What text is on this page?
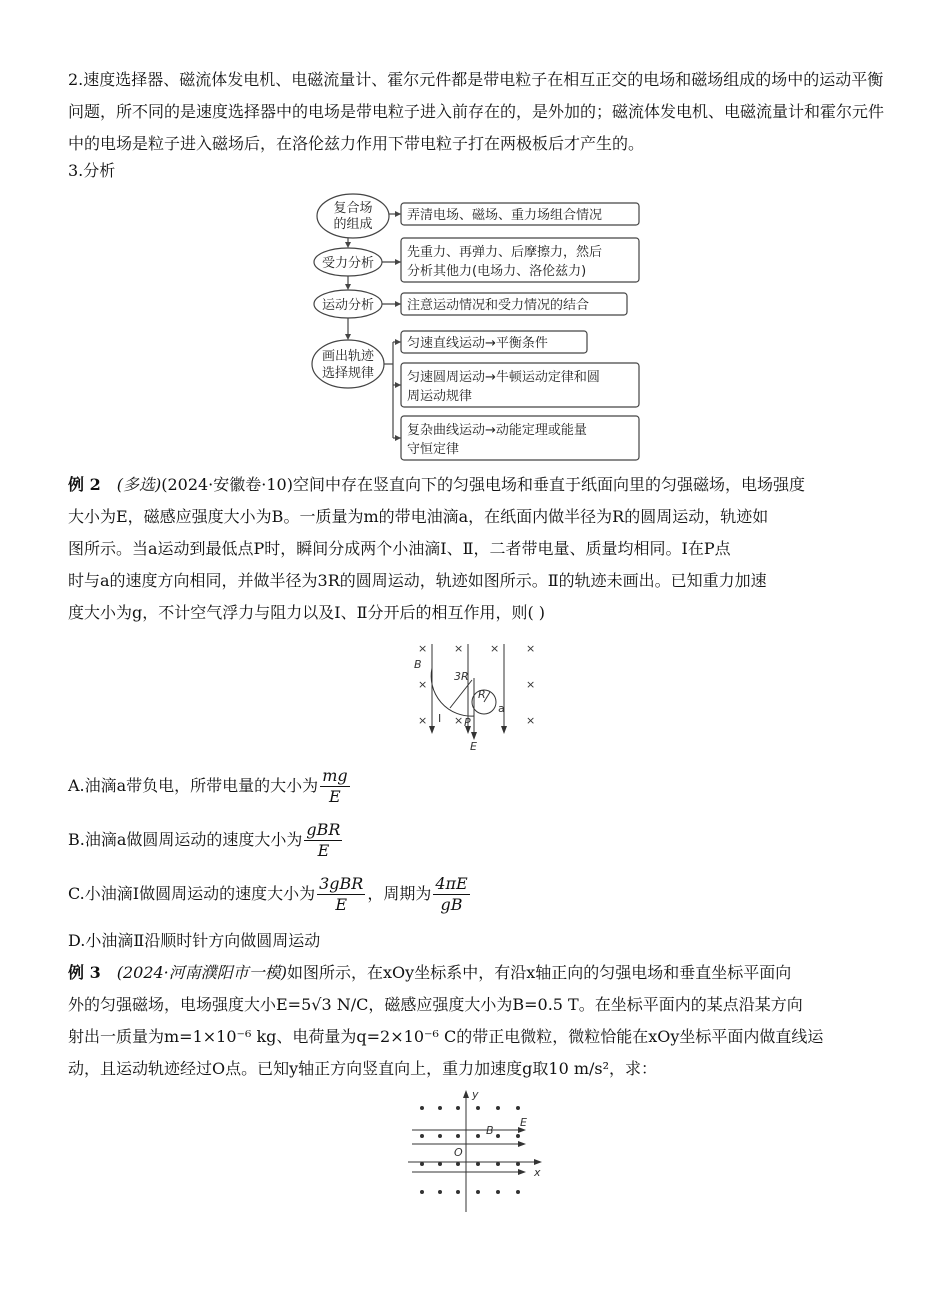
2.速度选择器、磁流体发电机、电磁流量计、霍尔元件都是带电粒子在相互正交的电场和磁场组成的场中的运动平衡问题，所不同的是速度选择器中的电场是带电粒子进入前存在的，是外加的；磁流体发电机、电磁流量计和霍尔元件中的电场是粒子进入磁场后，在洛伦兹力作用下带电粒子打在两极板后才产生的。
3.分析
复合场
的组成
受力分析
运动分析
画出轨迹
选择规律
弄清电场、磁场、重力场组合情况
先重力、再弹力、后摩擦力，然后
分析其他力(电场力、洛伦兹力)
注意运动情况和受力情况的结合
匀速直线运动→平衡条件
匀速圆周运动→牛顿运动定律和圆
周运动规律
复杂曲线运动→动能定理或能量
守恒定律
例 2 (多选)(2024·安徽卷·10)空间中存在竖直向下的匀强电场和垂直于纸面向里的匀强磁场，电场强度
大小为E，磁感应强度大小为B。一质量为m的带电油滴a，在纸面内做半径为R的圆周运动，轨迹如
图所示。当a运动到最低点P时，瞬间分成两个小油滴Ⅰ、Ⅱ，二者带电量、质量均相同。Ⅰ在P点
时与a的速度方向相同，并做半径为3R的圆周运动，轨迹如图所示。Ⅱ的轨迹未画出。已知重力加速
度大小为g，不计空气浮力与阻力以及Ⅰ、Ⅱ分开后的相互作用，则( )
× × × ×
×	×
× ×	×
B
3R
R
a
Ⅰ P
E
A.油滴a带负电，所带电量的大小为 $\frac{mg}{E}$
B.油滴a做圆周运动的速度大小为 $\frac{\text{gBR}}{E}$
C.小油滴Ⅰ做圆周运动的速度大小为 $\frac{\text{3gBR}}{E}$ ，周期为 $\frac{4\pi E}{gB}$
D.小油滴Ⅱ沿顺时针方向做圆周运动
例 3 (2024·河南濮阳市一模)如图所示，在xOy坐标系中，有沿x轴正向的匀强电场和垂直坐标平面向
外的匀强磁场，电场强度大小E=5√3 N/C，磁感应强度大小为B=0.5 T。在坐标平面内的某点沿某方向
射出一质量为m=1×10⁻⁶ kg、电荷量为q=2×10⁻⁶ C的带正电微粒，微粒恰能在xOy坐标平面内做直线运
动，且运动轨迹经过O点。已知y轴正方向竖直向上，重力加速度g取10 m/s²，求：
y
x
O
B
E
